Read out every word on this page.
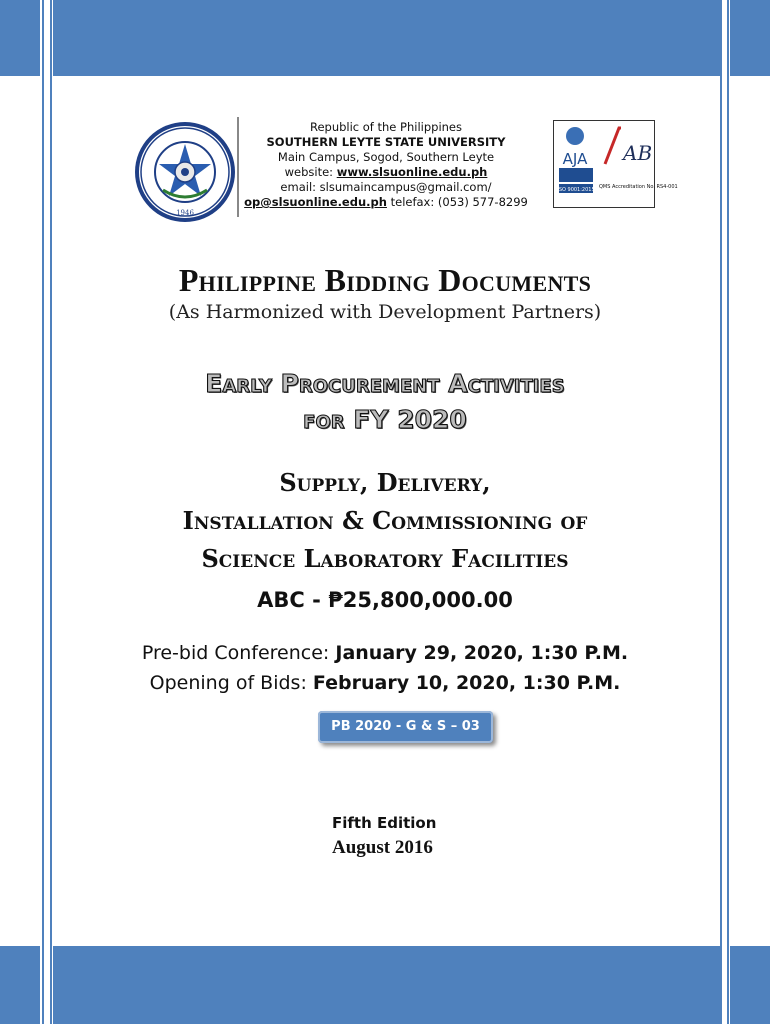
1946
Republic of the Philippines
SOUTHERN LEYTE STATE UNIVERSITY
Main Campus, Sogod, Southern Leyte
website: www.slsuonline.edu.ph
email: slsumaincampus@gmail.com/
op@slsuonline.edu.ph telefax: (053) 577-8299
AJA
ISO 9001:2015
AB
QMS Accreditation No. RS4-001
Philippine Bidding Documents
(As Harmonized with Development Partners)
Early Procurement Activities
for FY 2020
Supply, Delivery,
Installation & Commissioning of
Science Laboratory Facilities
ABC - ₱25,800,000.00
Pre-bid Conference: January 29, 2020, 1:30 P.M.
Opening of Bids: February 10, 2020, 1:30 P.M.
PB 2020 - G & S – 03
Fifth Edition
August 2016
